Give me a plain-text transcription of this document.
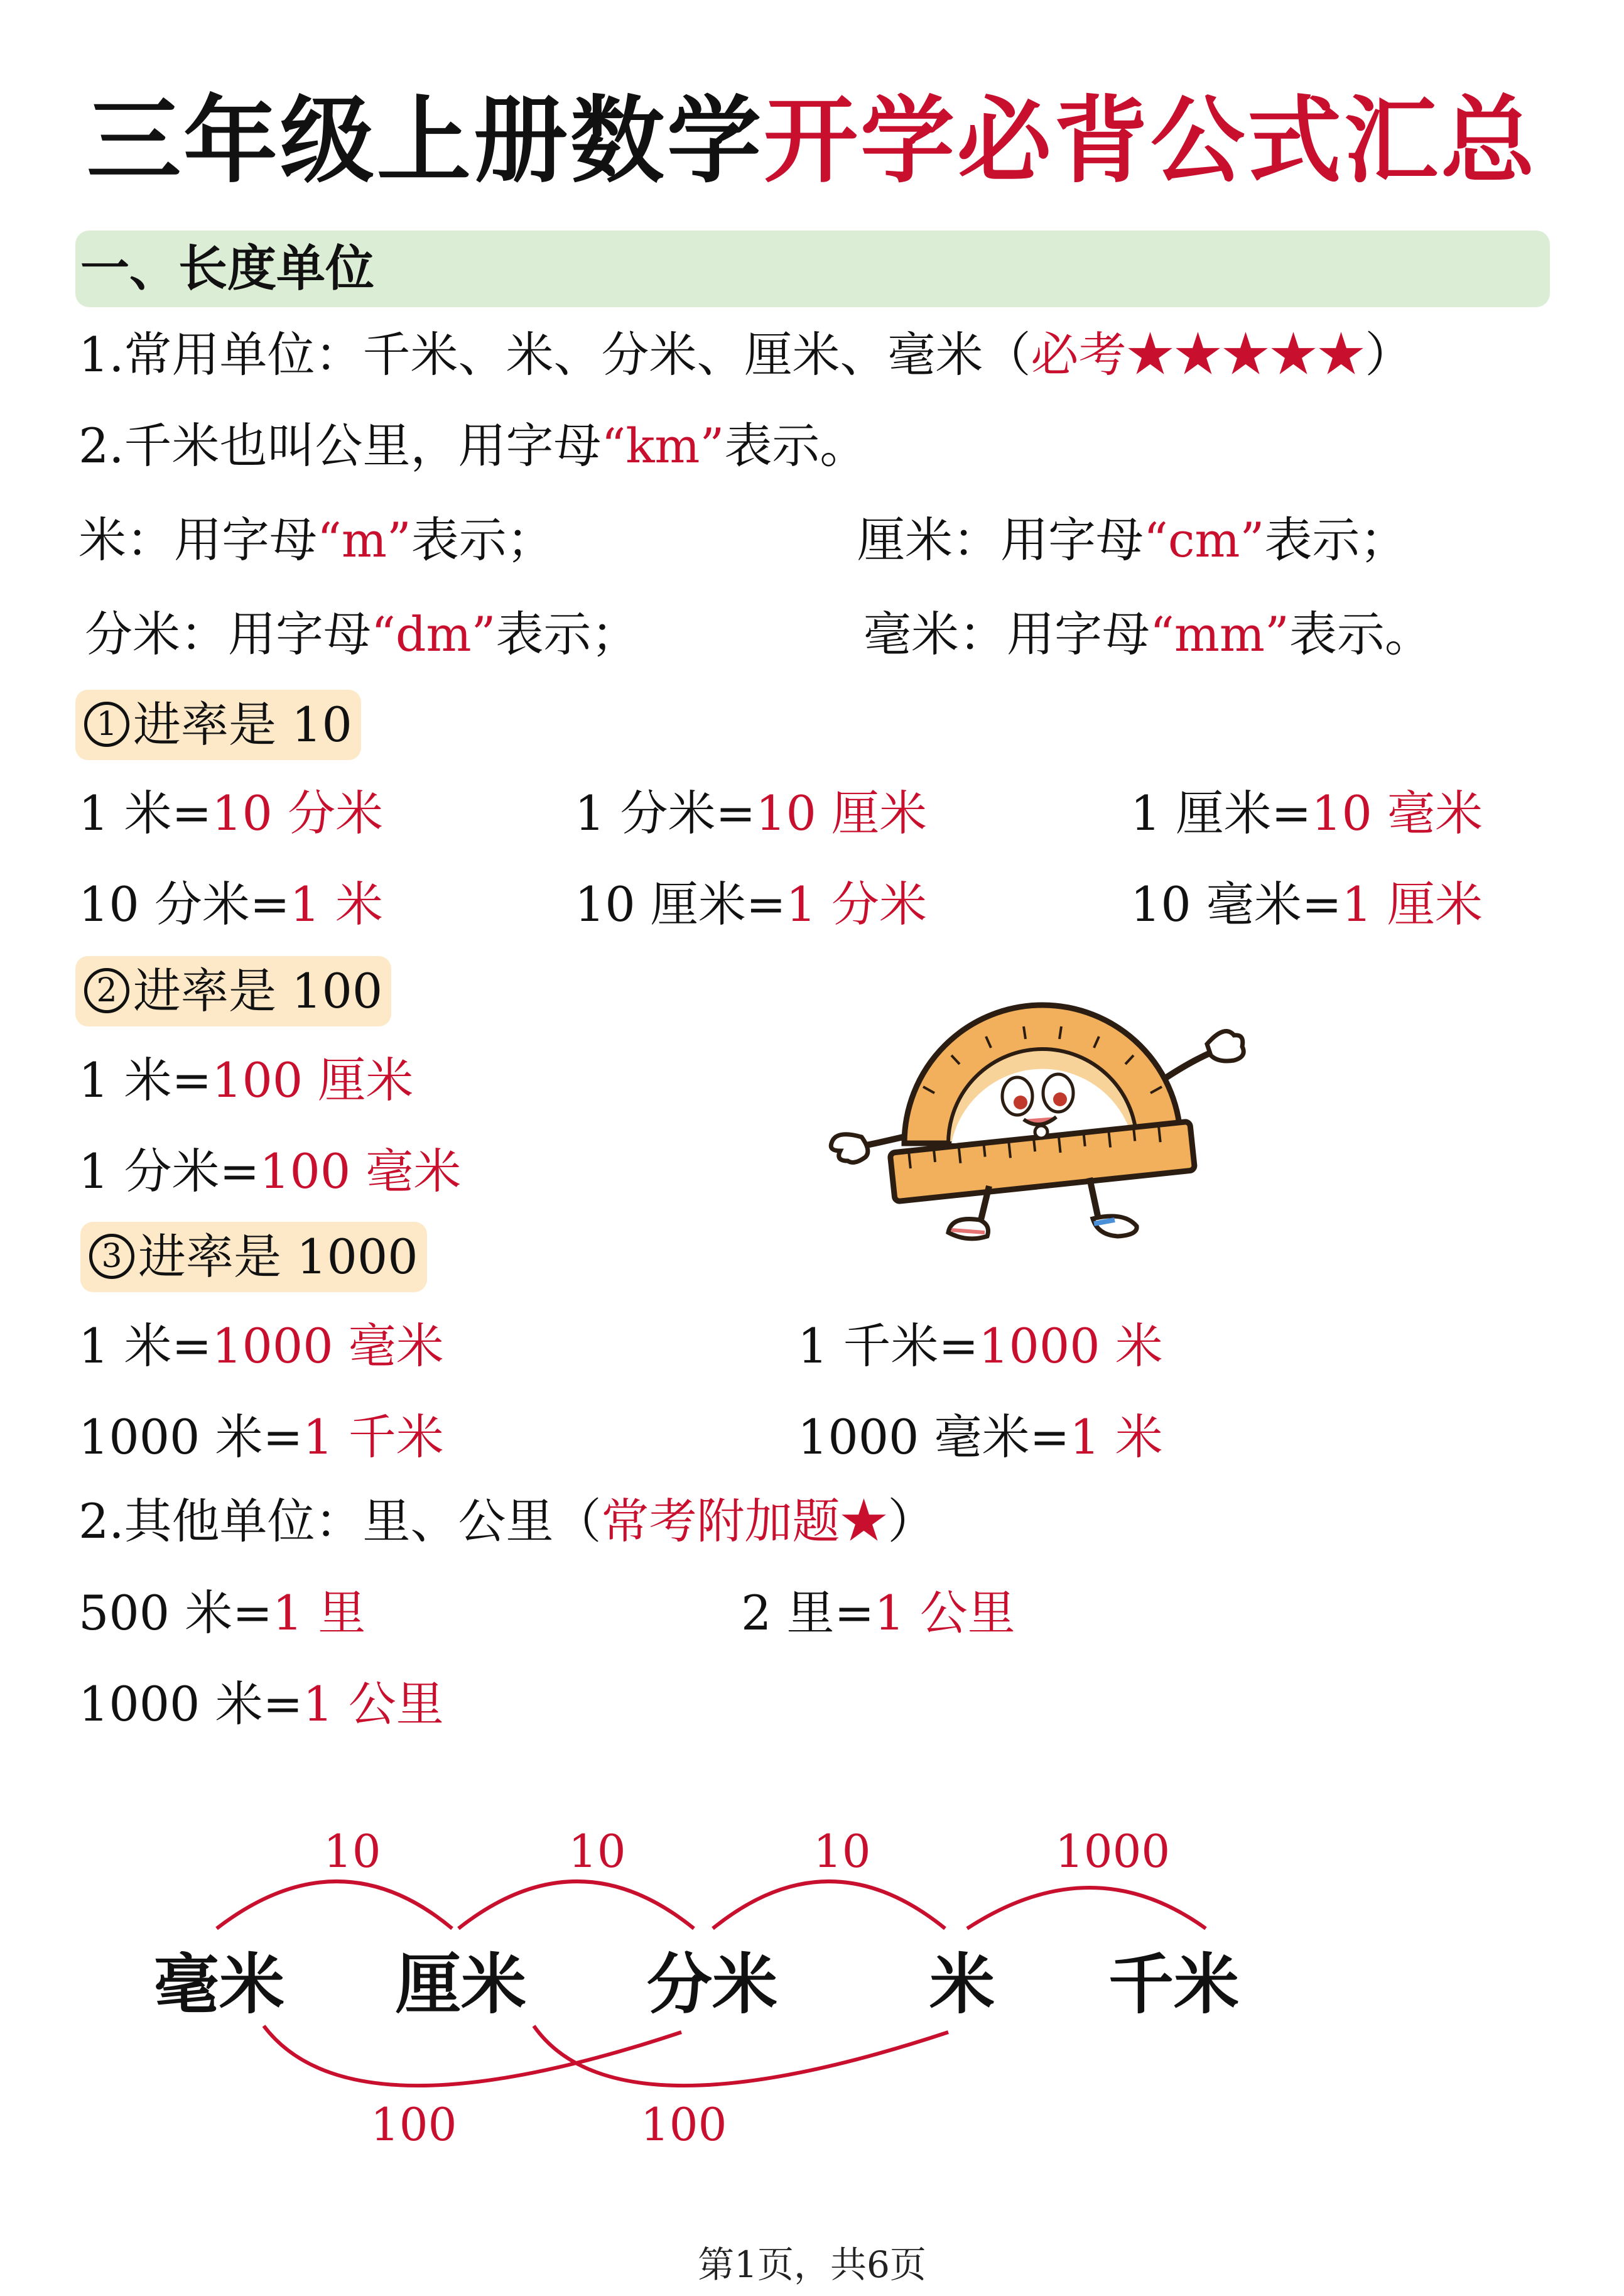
三年级上册数学开学必背公式汇总
一、长度单位
1.常用单位：千米、米、分米、厘米、毫米（必考★★★★★）
2.千米也叫公里，用字母“km”表示。
米：用字母“m”表示；	厘米：用字母“cm”表示；
分米：用字母“dm”表示；	毫米：用字母“mm”表示。
1 进率是 10
1 米=10 分米	1 分米=10 厘米	1 厘米=10 毫米
10 分米=1 米	10 厘米=1 分米	10 毫米=1 厘米
2 进率是 100
1 米=100 厘米
1 分米=100 毫米
3 进率是 1000
1 米=1000 毫米	1 千米=1000 米
1000 米=1 千米	1000 毫米=1 米
2.其他单位：里、公里（常考附加题★）
500 米=1 里	2 里=1 公里
1000 米=1 公里
10	10	10	1000
毫米 厘米 分米 米 千米
100	100
第1页，共6页
